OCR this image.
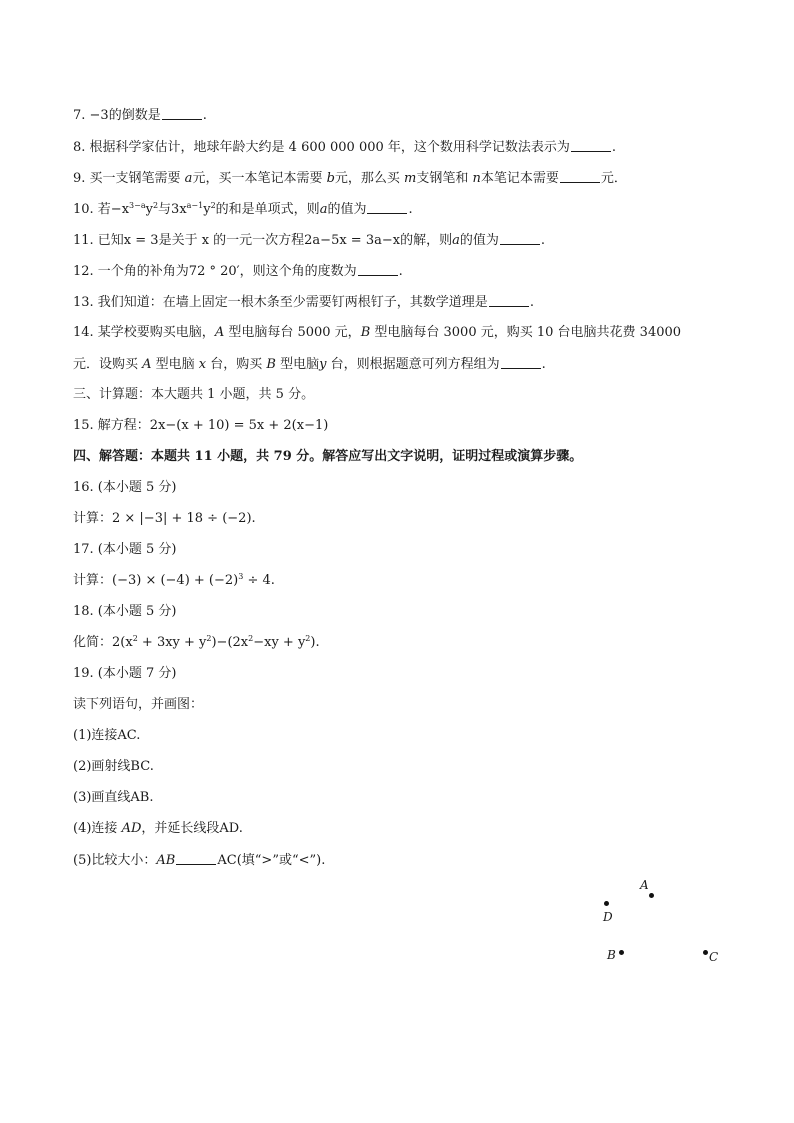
7. −3的倒数是	.
8. 根据科学家估计，地球年龄大约是 4 600 000 000 年，这个数用科学记数法表示为	.
9. 买一支钢笔需要 a元，买一本笔记本需要 b元，那么买 m支钢笔和 n本笔记本需要	元．
10. 若$-x^{3-a}y^2$与$3x^{a-1}y^2$的和是单项式，则a的值为	.
11. 已知x = 3是关于 x 的一元一次方程2a−5x = 3a−x的解，则a的值为	.
12. 一个角的补角为72 ° 20′，则这个角的度数为	.
13. 我们知道：在墙上固定一根木条至少需要钉两根钉子，其数学道理是	.
14. 某学校要购买电脑，A 型电脑每台 5000 元，B 型电脑每台 3000 元，购买 10 台电脑共花费 34000
元．设购买 A 型电脑 x 台，购买 B 型电脑y 台，则根据题意可列方程组为	.
三、计算题：本大题共 1 小题，共 5 分。
15. 解方程：2x−(x + 10) = 5x + 2(x−1)
四、解答题：本题共 11 小题，共 79 分。解答应写出文字说明，证明过程或演算步骤。
16. (本小题 5 分)
计算：2 × |−3| + 18 ÷ (−2).
17. (本小题 5 分)
计算：$(-3) \times (-4) + (-2)^3 \div 4$.
18. (本小题 5 分)
化简：$2(x^2 + 3xy + y^2)-(2x^2-xy + y^2)$.
19. (本小题 7 分)
读下列语句，并画图：
(1)连接AC.
(2)画射线BC.
(3)画直线AB.
(4)连接 AD，并延长线段AD.
(5)比较大小：AB	AC(填“>”或“<”).
A
D
B	C
